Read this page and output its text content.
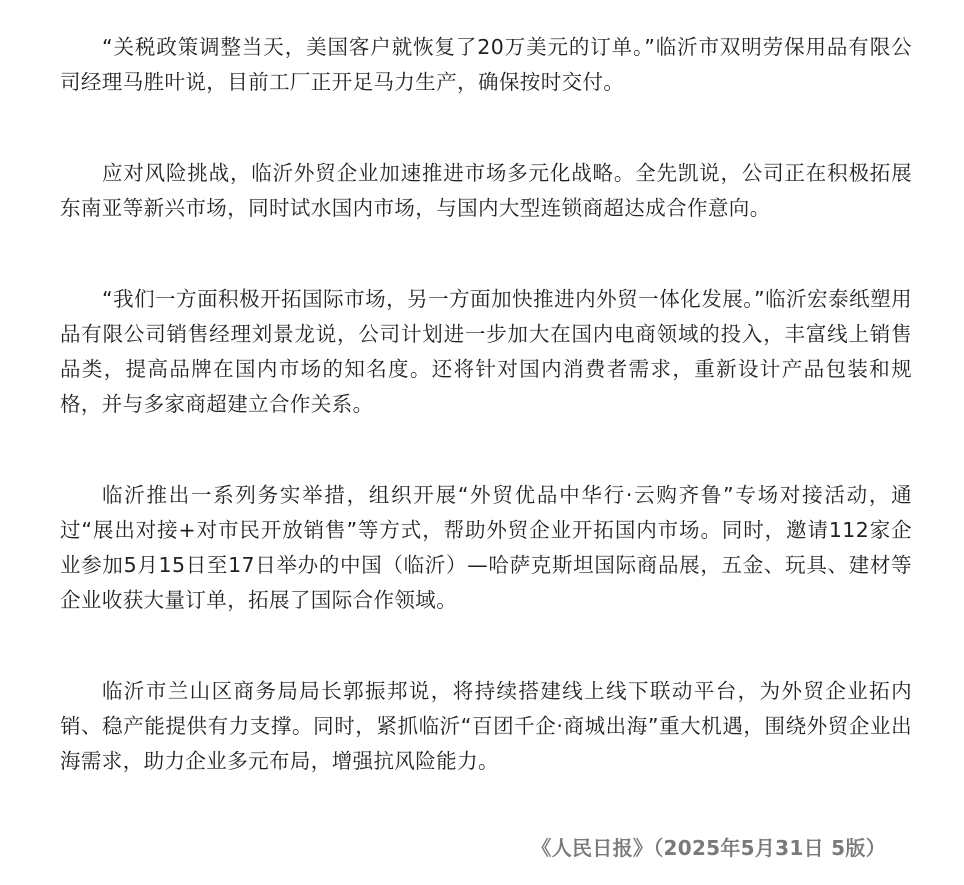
“关税政策调整当天，美国客户就恢复了20万美元的订单。”临沂市双明劳保用品有限公司经理马胜叶说，目前工厂正开足马力生产，确保按时交付。

应对风险挑战，临沂外贸企业加速推进市场多元化战略。全先凯说，公司正在积极拓展东南亚等新兴市场，同时试水国内市场，与国内大型连锁商超达成合作意向。

“我们一方面积极开拓国际市场，另一方面加快推进内外贸一体化发展。”临沂宏泰纸塑用品有限公司销售经理刘景龙说，公司计划进一步加大在国内电商领域的投入，丰富线上销售品类，提高品牌在国内市场的知名度。还将针对国内消费者需求，重新设计产品包装和规格，并与多家商超建立合作关系。

临沂推出一系列务实举措，组织开展“外贸优品中华行·云购齐鲁”专场对接活动，通过“展出对接+对市民开放销售”等方式，帮助外贸企业开拓国内市场。同时，邀请112家企业参加5月15日至17日举办的中国（临沂）—哈萨克斯坦国际商品展，五金、玩具、建材等企业收获大量订单，拓展了国际合作领域。

临沂市兰山区商务局局长郭振邦说，将持续搭建线上线下联动平台，为外贸企业拓内销、稳产能提供有力支撑。同时，紧抓临沂“百团千企·商城出海”重大机遇，围绕外贸企业出海需求，助力企业多元布局，增强抗风险能力。

《人民日报》（2025年5月31日 5版）
